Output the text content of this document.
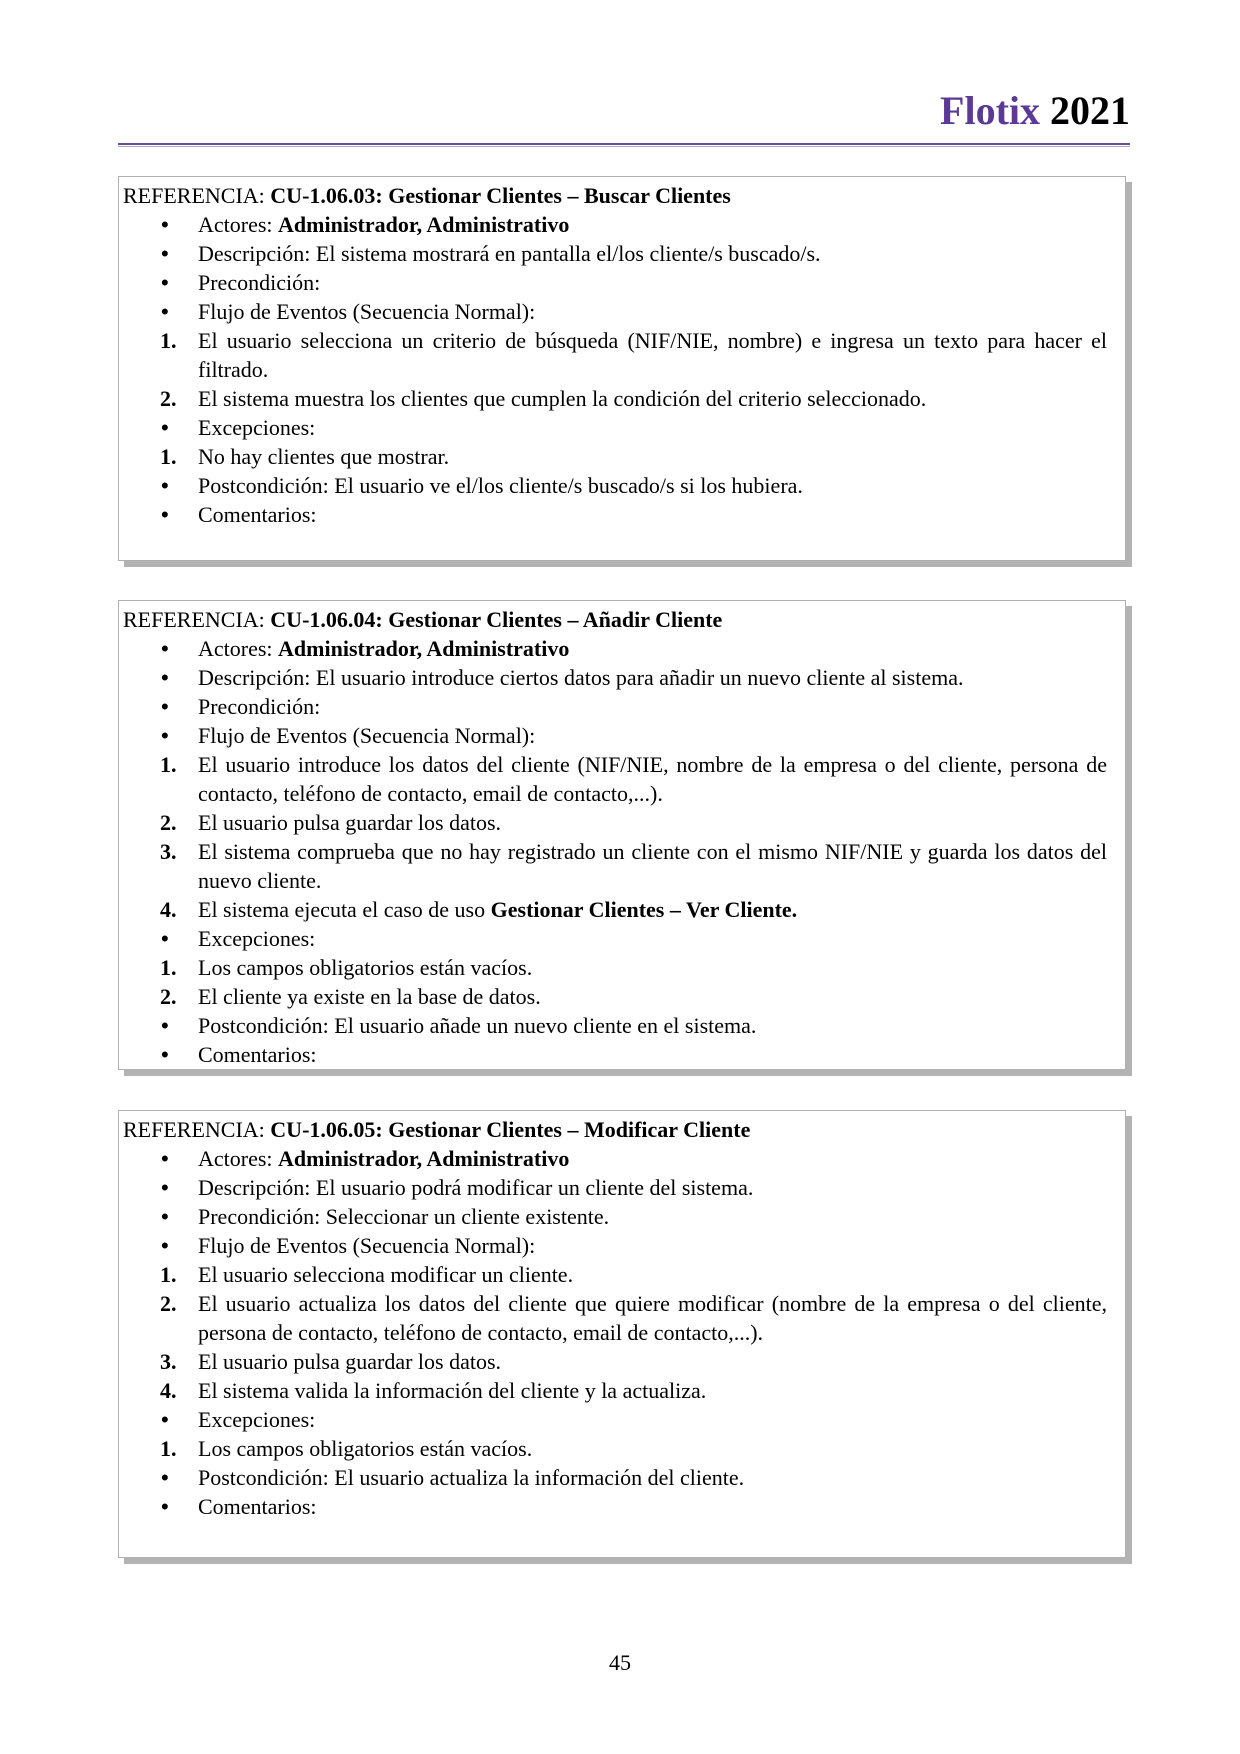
Flotix 2021

REFERENCIA: CU-1.06.03: Gestionar Clientes – Buscar Clientes

• Actores: Administrador, Administrativo
• Descripción: El sistema mostrará en pantalla el/los cliente/s buscado/s.
• Precondición:
• Flujo de Eventos (Secuencia Normal):
1. El usuario selecciona un criterio de búsqueda (NIF/NIE, nombre) e ingresa un texto para hacer el filtrado.
2. El sistema muestra los clientes que cumplen la condición del criterio seleccionado.
• Excepciones:
1. No hay clientes que mostrar.
• Postcondición: El usuario ve el/los cliente/s buscado/s si los hubiera.
• Comentarios:

REFERENCIA: CU-1.06.04: Gestionar Clientes – Añadir Cliente

• Actores: Administrador, Administrativo
• Descripción: El usuario introduce ciertos datos para añadir un nuevo cliente al sistema.
• Precondición:
• Flujo de Eventos (Secuencia Normal):
1. El usuario introduce los datos del cliente (NIF/NIE, nombre de la empresa o del cliente, persona de contacto, teléfono de contacto, email de contacto,...).
2. El usuario pulsa guardar los datos.
3. El sistema comprueba que no hay registrado un cliente con el mismo NIF/NIE y guarda los datos del nuevo cliente.
4. El sistema ejecuta el caso de uso Gestionar Clientes – Ver Cliente.
• Excepciones:
1. Los campos obligatorios están vacíos.
2. El cliente ya existe en la base de datos.
• Postcondición: El usuario añade un nuevo cliente en el sistema.
• Comentarios:

REFERENCIA: CU-1.06.05: Gestionar Clientes – Modificar Cliente

• Actores: Administrador, Administrativo
• Descripción: El usuario podrá modificar un cliente del sistema.
• Precondición: Seleccionar un cliente existente.
• Flujo de Eventos (Secuencia Normal):
1. El usuario selecciona modificar un cliente.
2. El usuario actualiza los datos del cliente que quiere modificar (nombre de la empresa o del cliente, persona de contacto, teléfono de contacto, email de contacto,...).
3. El usuario pulsa guardar los datos.
4. El sistema valida la información del cliente y la actualiza.
• Excepciones:
1. Los campos obligatorios están vacíos.
• Postcondición: El usuario actualiza la información del cliente.
• Comentarios:
45
